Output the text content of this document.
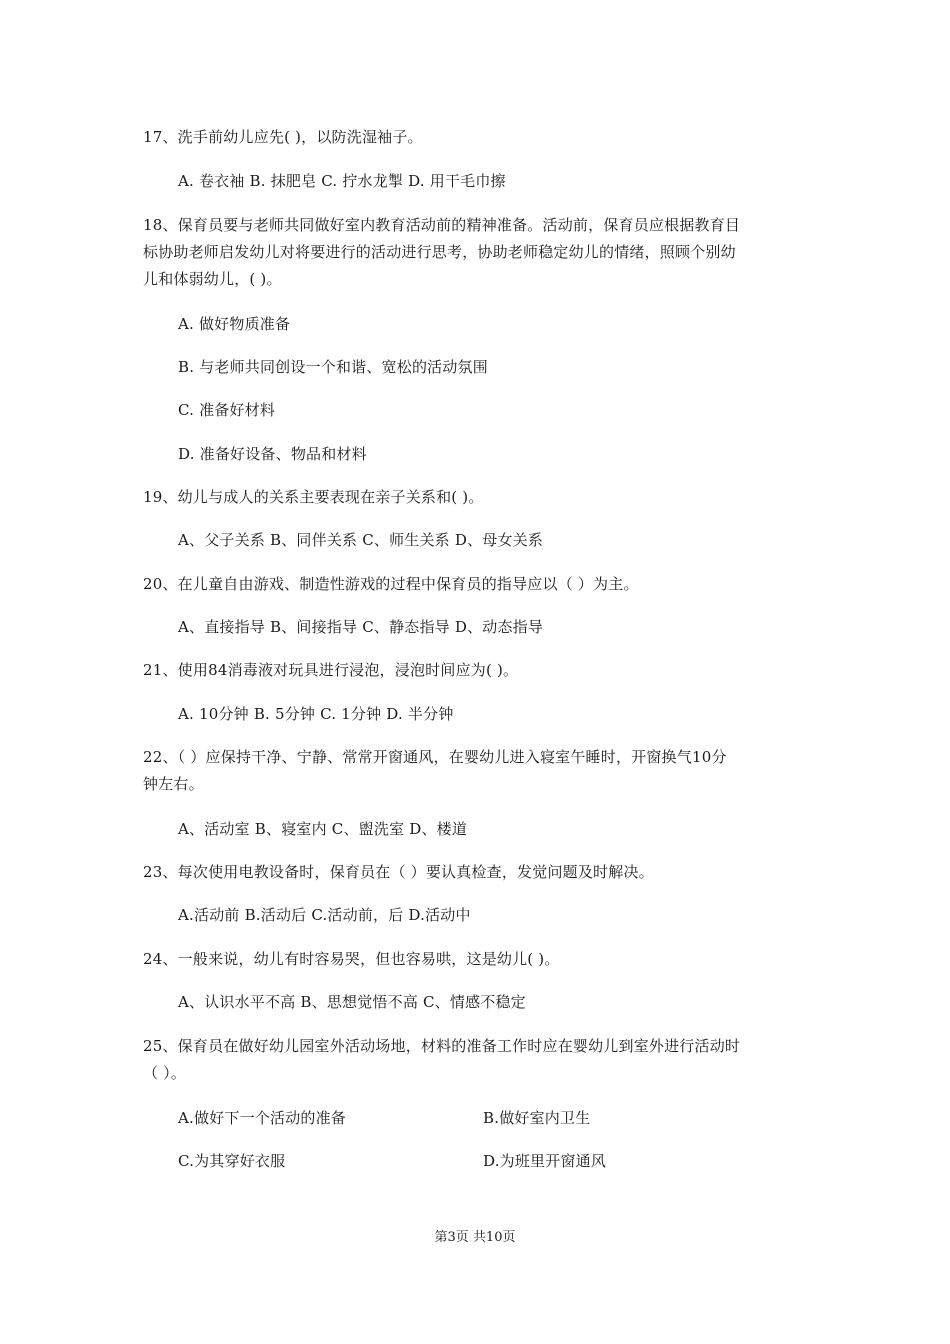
17、洗手前幼儿应先( )，以防洗湿袖子。
A. 卷衣袖 B. 抹肥皂 C. 拧水龙掣 D. 用干毛巾擦
18、保育员要与老师共同做好室内教育活动前的精神准备。活动前，保育员应根据教育目
标协助老师启发幼儿对将要进行的活动进行思考，协助老师稳定幼儿的情绪，照顾个别幼
儿和体弱幼儿，( )。
A. 做好物质准备
B. 与老师共同创设一个和谐、宽松的活动氛围
C. 准备好材料
D. 准备好设备、物品和材料
19、幼儿与成人的关系主要表现在亲子关系和( )。
A、父子关系 B、同伴关系 C、师生关系 D、母女关系
20、在儿童自由游戏、制造性游戏的过程中保育员的指导应以（ ）为主。
A、直接指导 B、间接指导 C、静态指导 D、动态指导
21、使用84消毒液对玩具进行浸泡，浸泡时间应为( )。
A. 10分钟 B. 5分钟 C. 1分钟 D. 半分钟
22、（ ）应保持干净、宁静、常常开窗通风，在婴幼儿进入寝室午睡时，开窗换气10分
钟左右。
A、活动室 B、寝室内 C、盥洗室 D、楼道
23、每次使用电教设备时，保育员在（ ）要认真检查，发觉问题及时解决。
A.活动前 B.活动后 C.活动前，后 D.活动中
24、一般来说，幼儿有时容易哭，但也容易哄，这是幼儿( )。
A、认识水平不高 B、思想觉悟不高 C、情感不稳定
25、保育员在做好幼儿园室外活动场地，材料的准备工作时应在婴幼儿到室外进行活动时
（ ）。
A.做好下一个活动的准备	B.做好室内卫生
C.为其穿好衣服	D.为班里开窗通风
第3页 共10页
